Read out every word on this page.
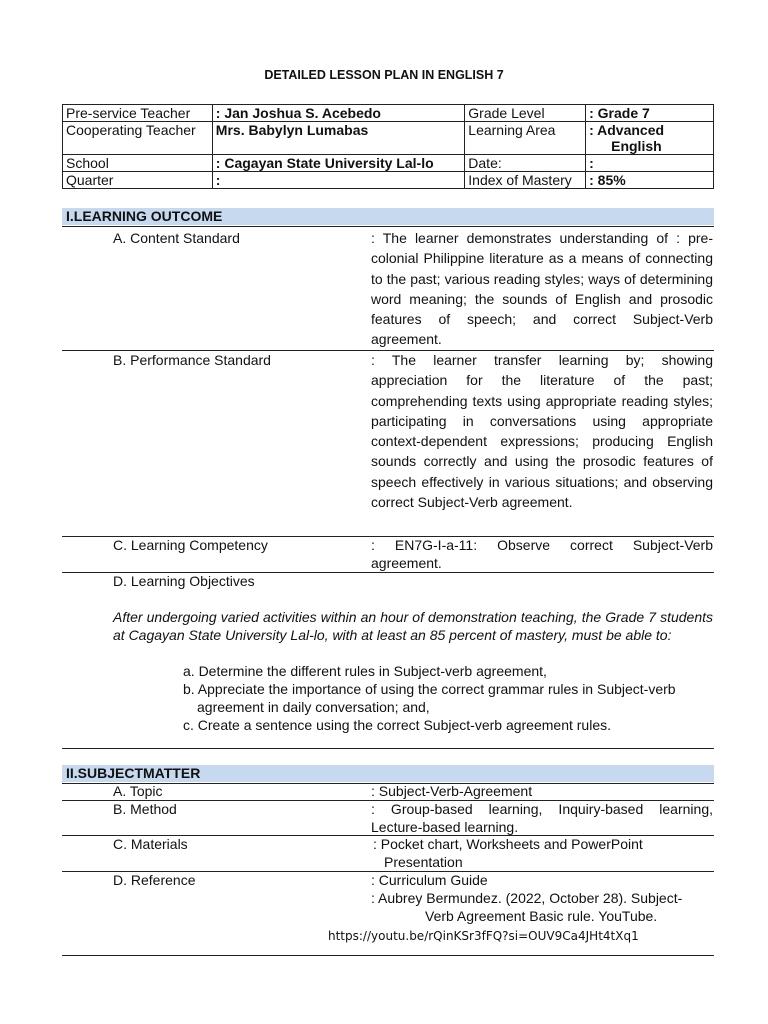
DETAILED LESSON PLAN IN ENGLISH 7
Pre-service Teacher	: Jan Joshua S. Acebedo	Grade Level	: Grade 7
Cooperating Teacher	Mrs. Babylyn Lumabas	Learning Area	: Advanced
English

School	: Cagayan State University Lal-lo	Date:	:
Quarter	:	Index of Mastery	: 85%
I.LEARNING OUTCOME
A. Content Standard	: The learner demonstrates understanding of : pre-colonial Philippine literature as a means of connecting to the past; various reading styles; ways of determining word meaning; the sounds of English and prosodic features of speech; and correct Subject-Verb agreement.
B. Performance Standard	: The learner transfer learning by; showing appreciation for the literature of the past; comprehending texts using appropriate reading styles; participating in conversations using appropriate context-dependent expressions; producing English sounds correctly and using the prosodic features of speech effectively in various situations; and observing correct Subject-Verb agreement.
C. Learning Competency	: EN7G-I-a-11: Observe correct Subject-Verb agreement.
D. Learning Objectives
After undergoing varied activities within an hour of demonstration teaching, the Grade 7 students at Cagayan State University Lal-lo, with at least an 85 percent of mastery, must be able to:
a. Determine the different rules in Subject-verb agreement,
b. Appreciate the importance of using the correct grammar rules in Subject-verb agreement in daily conversation; and,
c. Create a sentence using the correct Subject-verb agreement rules.
II.SUBJECTMATTER
A. Topic	: Subject-Verb-Agreement
B. Method	: Group-based learning, Inquiry-based learning, Lecture-based learning.
C. Materials	: Pocket chart, Worksheets and PowerPoint
Presentation
D. Reference	: Curriculum Guide
: Aubrey Bermundez. (2022, October 28). Subject-
Verb Agreement Basic rule. YouTube.
https://youtu.be/rQinKSr3fFQ?si=OUV9Ca4JHt4tXq1
